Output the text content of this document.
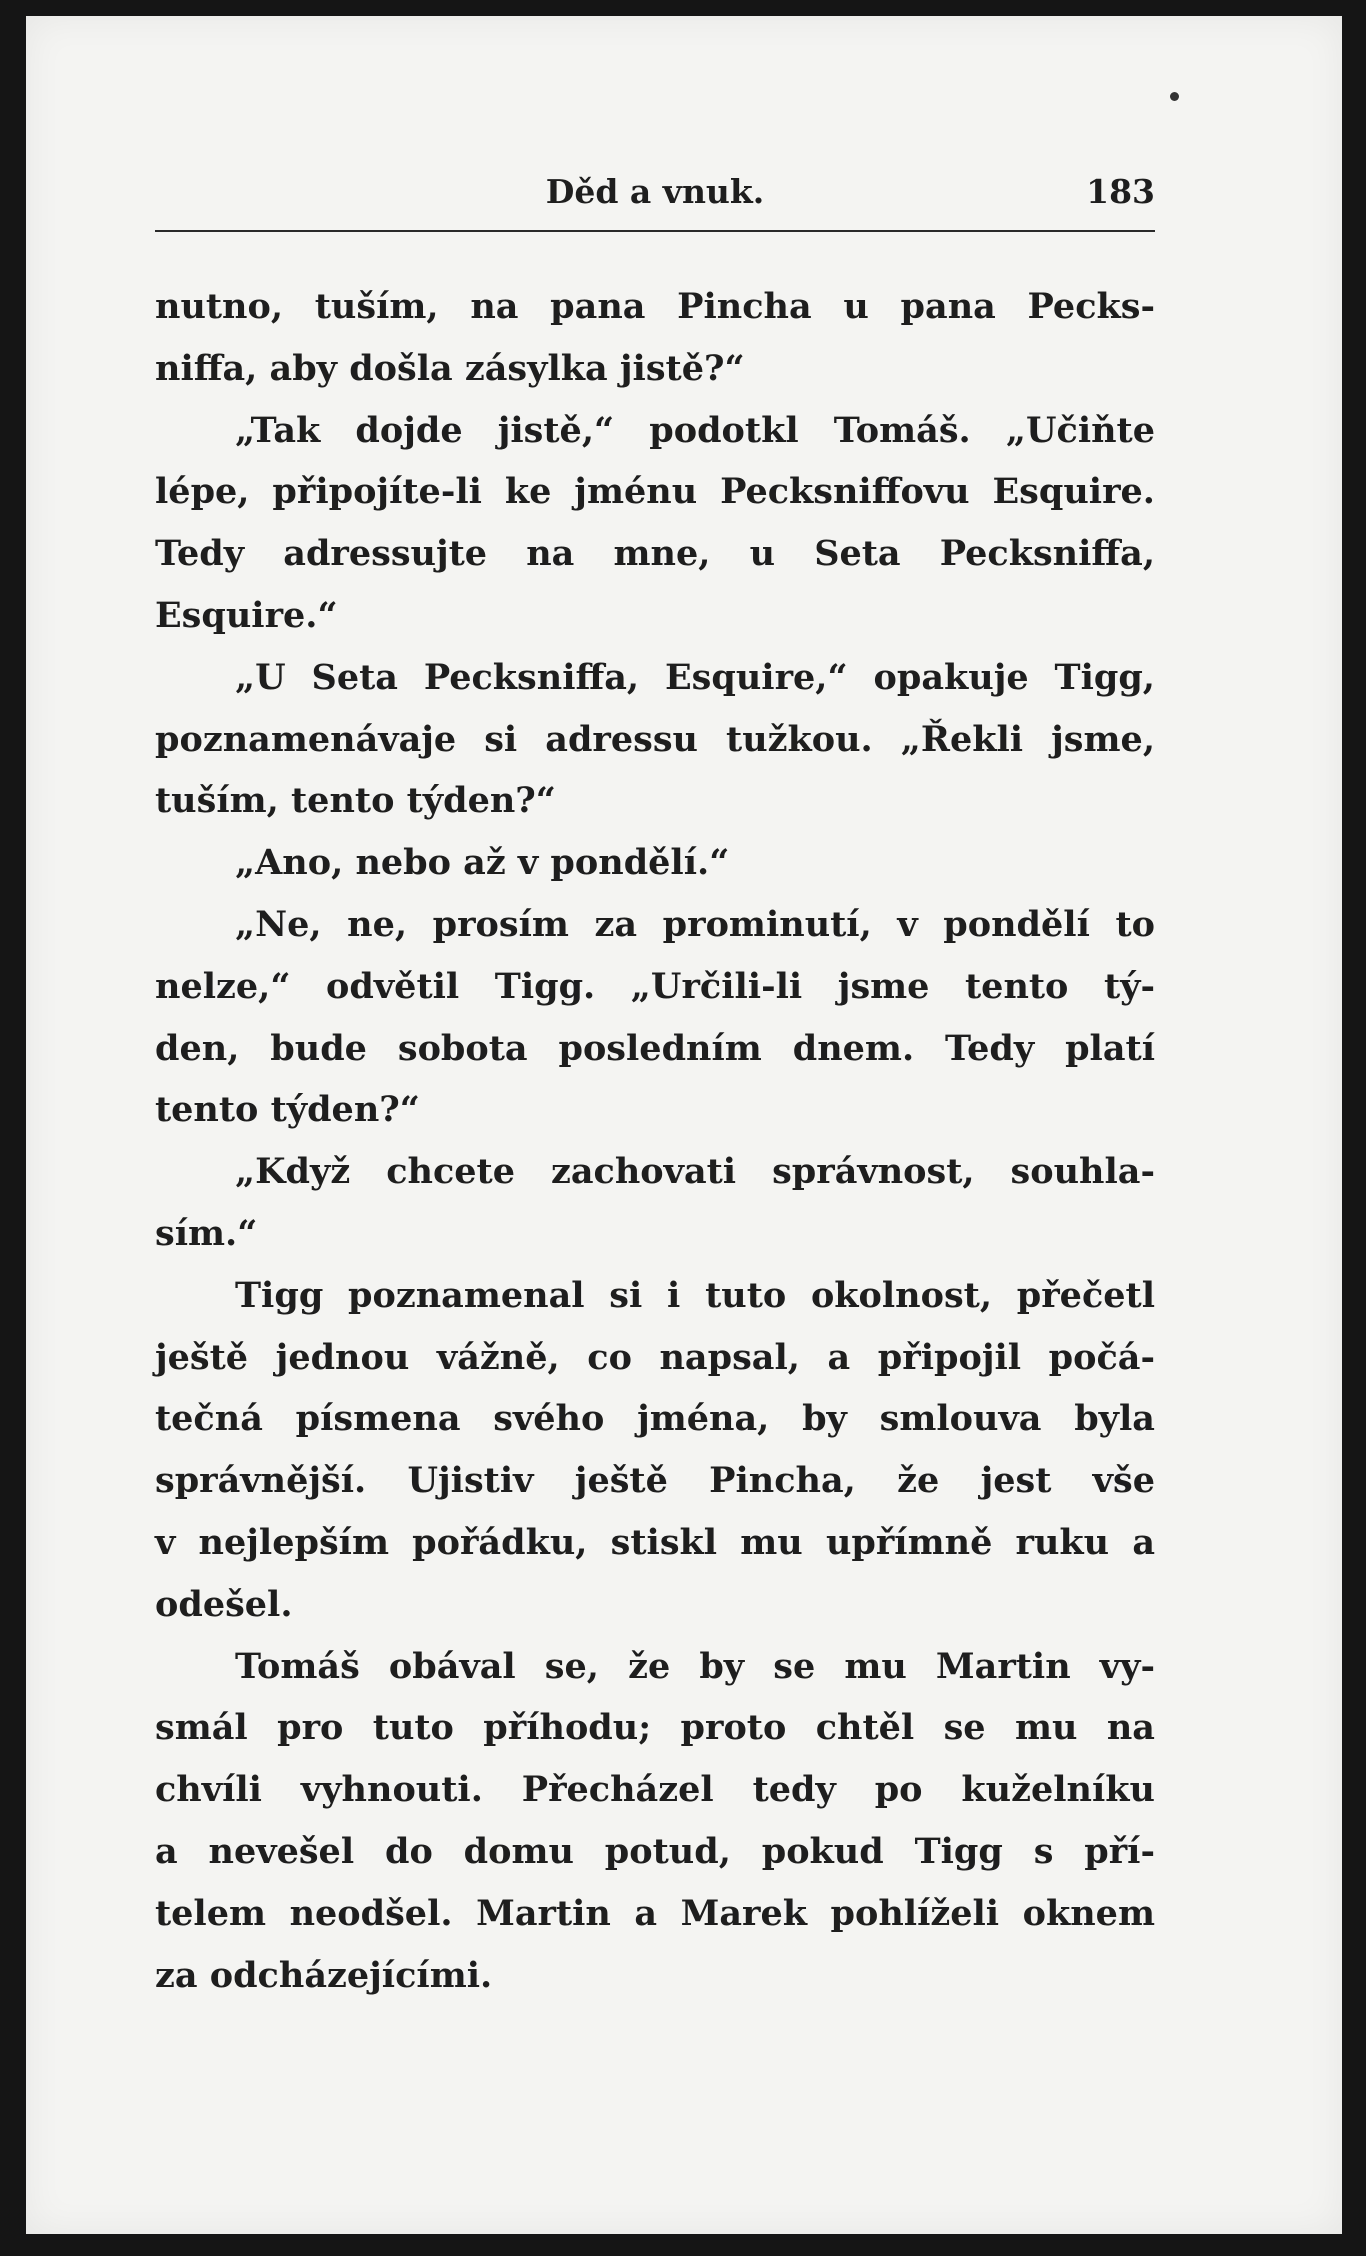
Děd a vnuk.	183
nutno, tuším, na pana Pincha u pana Pecks-
niffa, aby došla zásylka jistě?“
„Tak dojde jistě,“ podotkl Tomáš. „Učiňte
lépe, připojíte-li ke jménu Pecksniffovu Esquire.
Tedy adressujte na mne, u Seta Pecksniffa,
Esquire.“
„U Seta Pecksniffa, Esquire,“ opakuje Tigg,
poznamenávaje si adressu tužkou. „Řekli jsme,
tuším, tento týden?“
„Ano, nebo až v pondělí.“
„Ne, ne, prosím za prominutí, v pondělí to
nelze,“ odvětil Tigg. „Určili-li jsme tento tý-
den, bude sobota posledním dnem. Tedy platí
tento týden?“
„Když chcete zachovati správnost, souhla-
sím.“
Tigg poznamenal si i tuto okolnost, přečetl
ještě jednou vážně, co napsal, a připojil počá-
tečná písmena svého jména, by smlouva byla
správnější. Ujistiv ještě Pincha, že jest vše
v nejlepším pořádku, stiskl mu upřímně ruku a
odešel.
Tomáš obával se, že by se mu Martin vy-
smál pro tuto příhodu; proto chtěl se mu na
chvíli vyhnouti. Přecházel tedy po kuželníku
a nevešel do domu potud, pokud Tigg s pří-
telem neodšel. Martin a Marek pohlíželi oknem
za odcházejícími.
